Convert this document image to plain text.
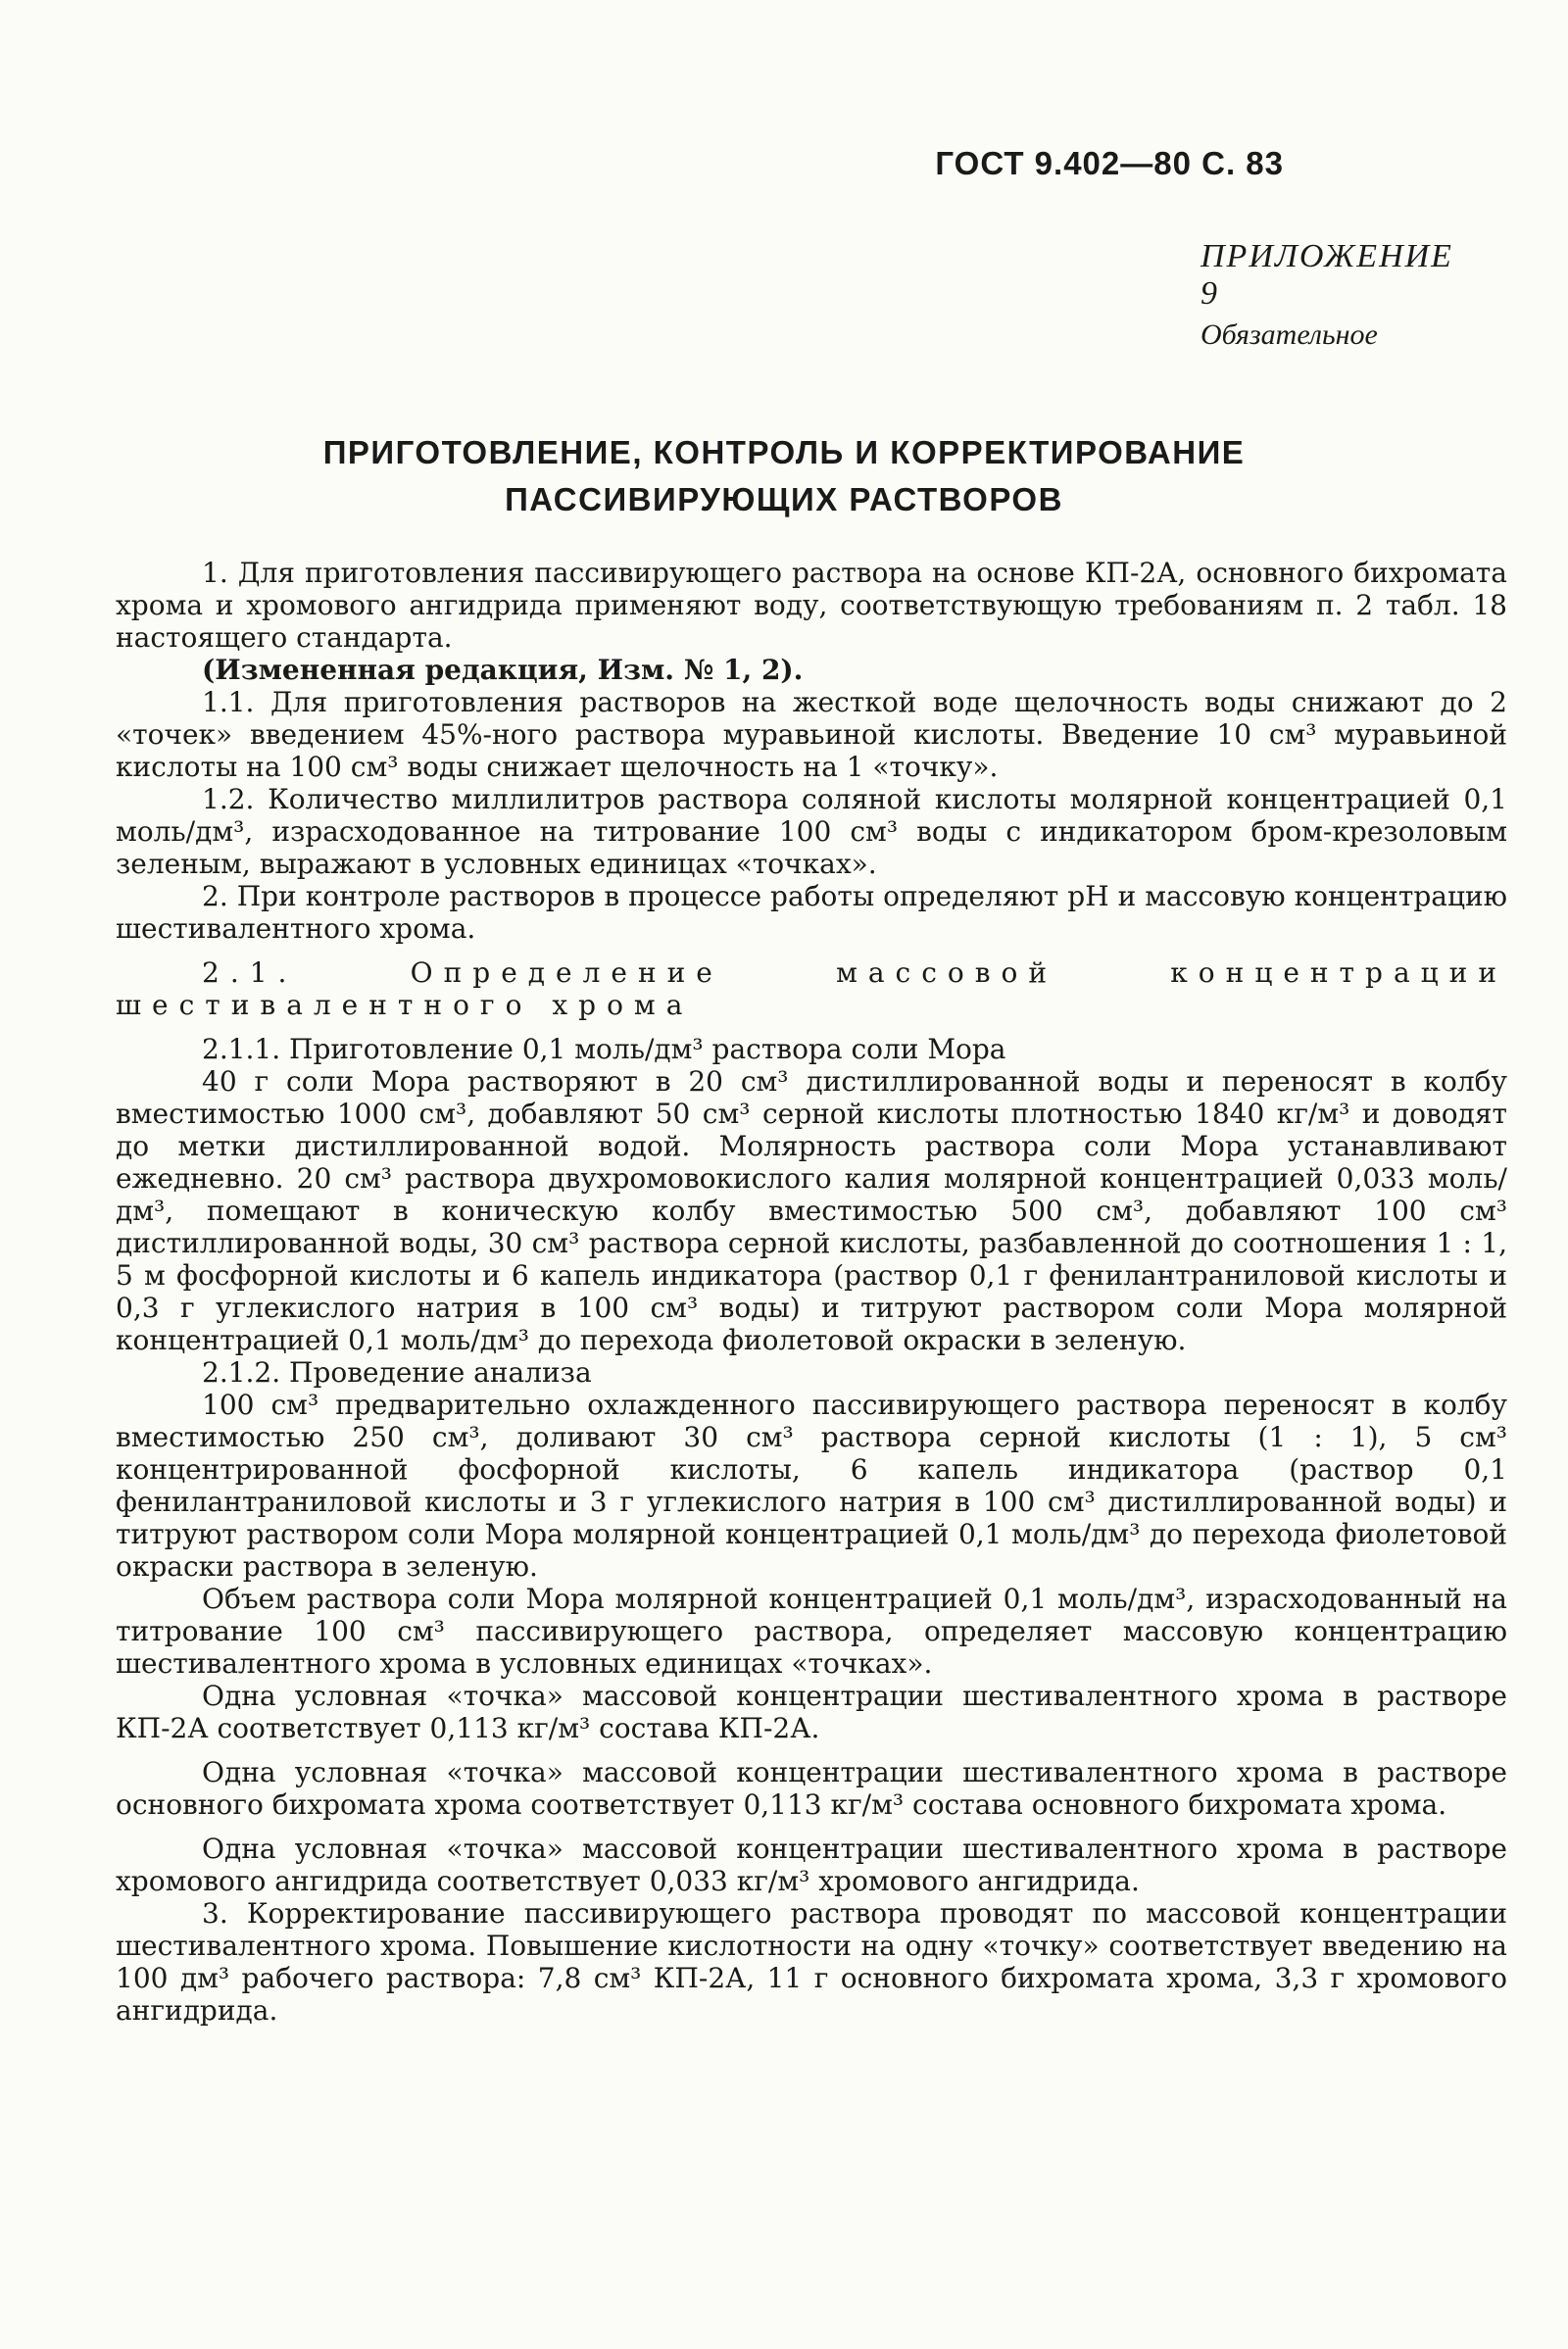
ГОСТ 9.402—80 С. 83
ПРИЛОЖЕНИЕ 9
Обязательное
ПРИГОТОВЛЕНИЕ, КОНТРОЛЬ И КОРРЕКТИРОВАНИЕ
ПАССИВИРУЮЩИХ РАСТВОРОВ

1. Для приготовления пассивирующего раствора на основе КП-2А, основного бихромата хрома и хромового ангидрида применяют воду, соответствующую требованиям п. 2 табл. 18 настоящего стандарта.

(Измененная редакция, Изм. № 1, 2).

1.1. Для приготовления растворов на жесткой воде щелочность воды снижают до 2 «точек» введением 45%-ного раствора муравьиной кислоты. Введение 10 см³ муравьиной кислоты на 100 см³ воды снижает щелочность на 1 «точку».

1.2. Количество миллилитров раствора соляной кислоты молярной концентрацией 0,1 моль/дм³, израсходованное на титрование 100 см³ воды с индикатором бром-крезоловым зеленым, выражают в условных единицах «точках».

2. При контроле растворов в процессе работы определяют pH и массовую концентрацию шестивалентного хрома.

2.1. Определение массовой концентрации шестивалентного хрома

2.1.1. Приготовление 0,1 моль/дм³ раствора соли Мора

40 г соли Мора растворяют в 20 см³ дистиллированной воды и переносят в колбу вместимостью 1000 см³, добавляют 50 см³ серной кислоты плотностью 1840 кг/м³ и доводят до метки дистиллированной водой. Молярность раствора соли Мора устанавливают ежедневно. 20 см³ раствора двухромовокислого калия молярной концентрацией 0,033 моль/дм³, помещают в коническую колбу вместимостью 500 см³, добавляют 100 см³ дистиллированной воды, 30 см³ раствора серной кислоты, разбавленной до соотношения 1 : 1, 5 м фосфорной кислоты и 6 капель индикатора (раствор 0,1 г фенилантраниловой кислоты и 0,3 г углекислого натрия в 100 см³ воды) и титруют раствором соли Мора молярной концентрацией 0,1 моль/дм³ до перехода фиолетовой окраски в зеленую.

2.1.2. Проведение анализа

100 см³ предварительно охлажденного пассивирующего раствора переносят в колбу вместимостью 250 см³, доливают 30 см³ раствора серной кислоты (1 : 1), 5 см³ концентрированной фосфорной кислоты, 6 капель индикатора (раствор 0,1 фенилантраниловой кислоты и 3 г углекислого натрия в 100 см³ дистиллированной воды) и титруют раствором соли Мора молярной концентрацией 0,1 моль/дм³ до перехода фиолетовой окраски раствора в зеленую.

Объем раствора соли Мора молярной концентрацией 0,1 моль/дм³, израсходованный на титрование 100 см³ пассивирующего раствора, определяет массовую концентрацию шестивалентного хрома в условных единицах «точках».

Одна условная «точка» массовой концентрации шестивалентного хрома в растворе КП-2А соответствует 0,113 кг/м³ состава КП-2А.

Одна условная «точка» массовой концентрации шестивалентного хрома в растворе основного бихромата хрома соответствует 0,113 кг/м³ состава основного бихромата хрома.

Одна условная «точка» массовой концентрации шестивалентного хрома в растворе хромового ангидрида соответствует 0,033 кг/м³ хромового ангидрида.

3. Корректирование пассивирующего раствора проводят по массовой концентрации шестивалентного хрома. Повышение кислотности на одну «точку» соответствует введению на 100 дм³ рабочего раствора: 7,8 см³ КП-2А, 11 г основного бихромата хрома, 3,3 г хромового ангидрида.
